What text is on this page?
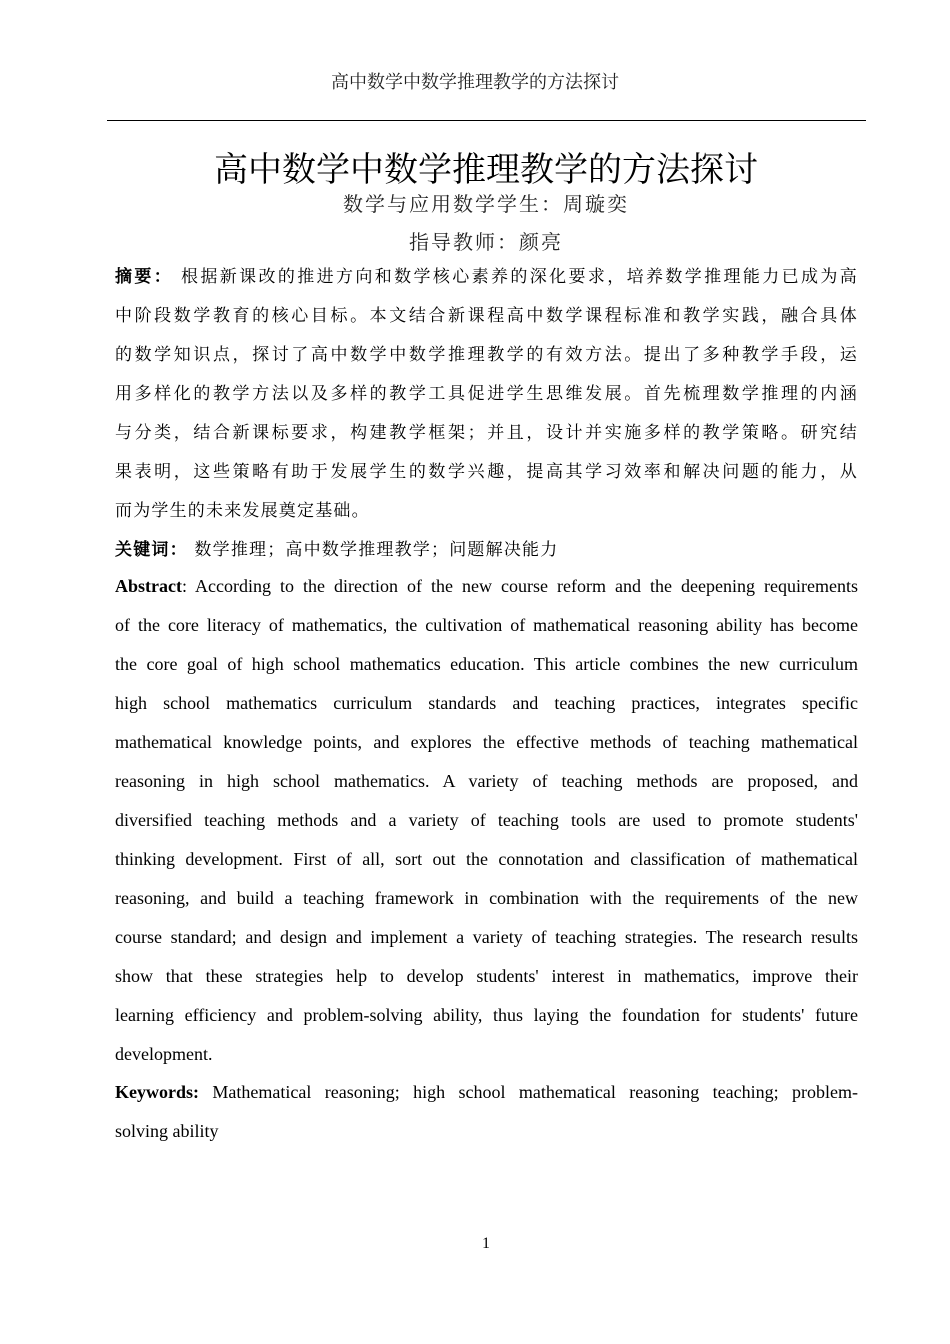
高中数学中数学推理教学的方法探讨
高中数学中数学推理教学的方法探讨
数学与应用数学学生：周璇奕
指导教师：颜亮
摘要： 根据新课改的推进方向和数学核心素养的深化要求，培养数学推理能力已成为高
中阶段数学教育的核心目标。本文结合新课程高中数学课程标准和教学实践，融合具体
的数学知识点，探讨了高中数学中数学推理教学的有效方法。提出了多种教学手段，运
用多样化的教学方法以及多样的教学工具促进学生思维发展。首先梳理数学推理的内涵
与分类，结合新课标要求，构建教学框架；并且，设计并实施多样的教学策略。研究结
果表明，这些策略有助于发展学生的数学兴趣，提高其学习效率和解决问题的能力，从
而为学生的未来发展奠定基础。
关键词： 数学推理；高中数学推理教学；问题解决能力
Abstract: According to the direction of the new course reform and the deepening requirements
of the core literacy of mathematics, the cultivation of mathematical reasoning ability has become
the core goal of high school mathematics education. This article combines the new curriculum
high school mathematics curriculum standards and teaching practices, integrates specific
mathematical knowledge points, and explores the effective methods of teaching mathematical
reasoning in high school mathematics. A variety of teaching methods are proposed, and
diversified teaching methods and a variety of teaching tools are used to promote students'
thinking development. First of all, sort out the connotation and classification of mathematical
reasoning, and build a teaching framework in combination with the requirements of the new
course standard; and design and implement a variety of teaching strategies. The research results
show that these strategies help to develop students' interest in mathematics, improve their
learning efficiency and problem-solving ability, thus laying the foundation for students' future
development.
Keywords: Mathematical reasoning; high school mathematical reasoning teaching; problem-
solving ability
1
